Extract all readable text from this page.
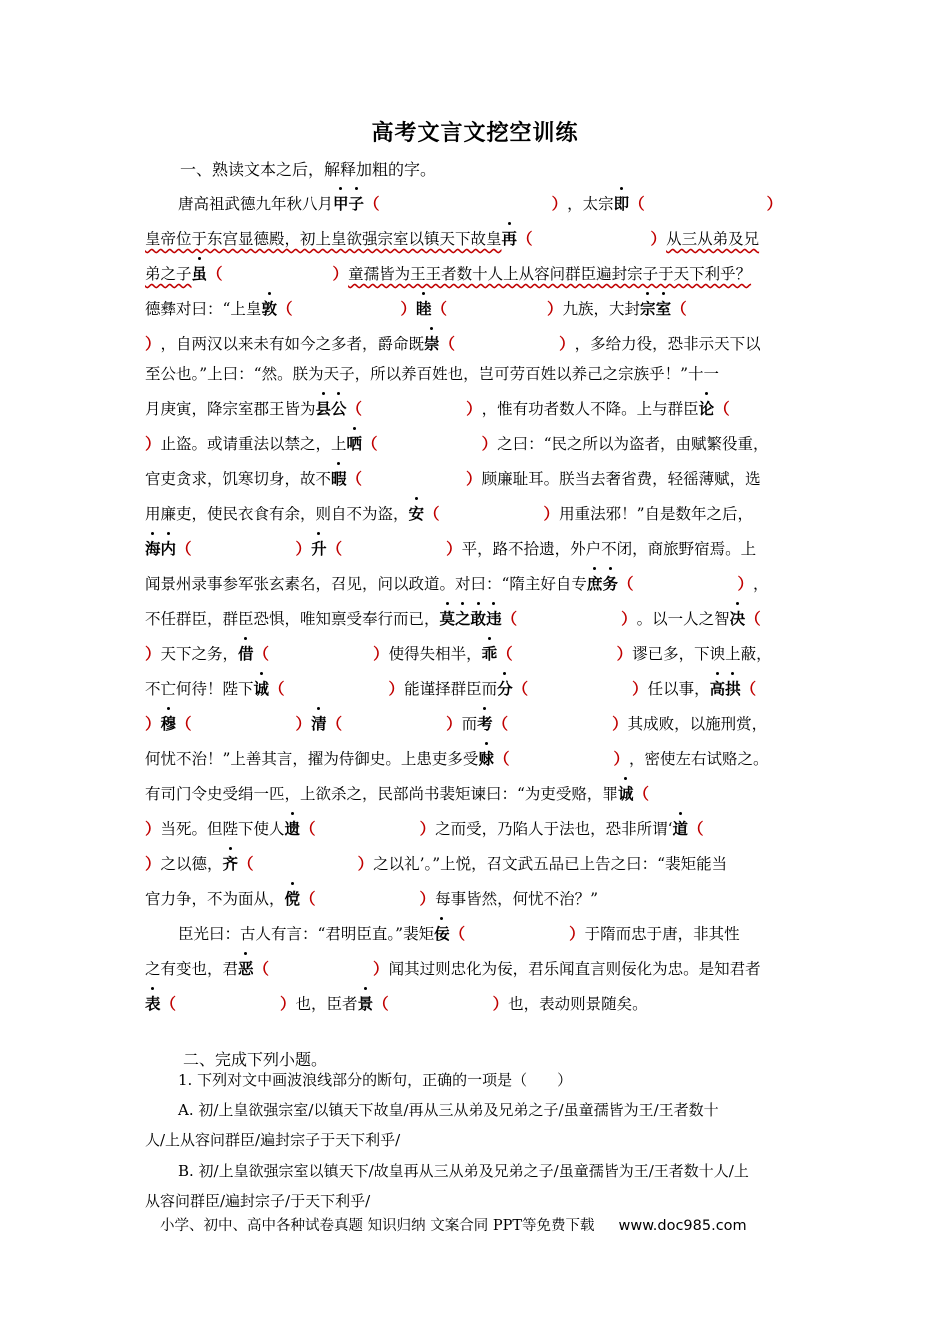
高考文言文挖空训练
一、熟读文本之后，解释加粗的字。
唐高祖武德九年秋八月甲子（	），太宗即（	）
皇帝位于东宫显德殿，初上皇欲强宗室以镇天下故皇再（	）从三从弟及兄
弟之子虽（	）童孺皆为王王者数十人上从容问群臣遍封宗子于天下利乎？
德彝对曰：“上皇敦（	）睦（	）九族，大封宗室（
），自两汉以来未有如今之多者，爵命既崇（	），多给力役，恐非示天下以
至公也。”上曰：“然。朕为天子，所以养百姓也，岂可劳百姓以养己之宗族乎！”十一
月庚寅，降宗室郡王皆为县公（	），惟有功者数人不降。上与群臣论（
）止盗。或请重法以禁之，上哂（	）之曰：“民之所以为盗者，由赋繁役重，
官吏贪求，饥寒切身，故不暇（	）顾廉耻耳。朕当去奢省费，轻徭薄赋，选
用廉吏，使民衣食有余，则自不为盗，安（	）用重法邪！”自是数年之后，
海内（	）升（	）平，路不拾遗，外户不闭，商旅野宿焉。上
闻景州录事参军张玄素名，召见，问以政道。对曰：“隋主好自专庶务（	），
不任群臣，群臣恐惧，唯知禀受奉行而已，莫之敢违（	）。以一人之智决（
）天下之务，借（	）使得失相半，乖（	）谬已多，下谀上蔽，
不亡何待！陛下诚（	）能谨择群臣而分（	）任以事，高拱（
）穆（	）清（	）而考（	）其成败，以施刑赏，
何忧不治！”上善其言，擢为侍御史。上患吏多受赇（	），密使左右试赂之。
有司门令史受绢一匹，上欲杀之，民部尚书裴矩谏曰：“为吏受赂，罪诚（
）当死。但陛下使人遗（	）之而受，乃陷人于法也，恐非所谓‘道（
）之以德，齐（	）之以礼’。”上悦，召文武五品已上告之曰：“裴矩能当
官力争，不为面从，傥（	）每事皆然，何忧不治？”
臣光曰：古人有言：“君明臣直。”裴矩佞（	）于隋而忠于唐，非其性
之有变也，君恶（	）闻其过则忠化为佞，君乐闻直言则佞化为忠。是知君者
表（	）也，臣者景（	）也，表动则景随矣。
二、完成下列小题。
1. 下列对文中画波浪线部分的断句，正确的一项是（　　）
A. 初/上皇欲强宗室/以镇天下故皇/再从三从弟及兄弟之子/虽童孺皆为王/王者数十
人/上从容问群臣/遍封宗子于天下利乎/
B. 初/上皇欲强宗室以镇天下/故皇再从三从弟及兄弟之子/虽童孺皆为王/王者数十人/上
从容问群臣/遍封宗子/于天下利乎/
小学、初中、高中各种试卷真题 知识归纳 文案合同 PPT等免费下载 www.doc985.com
